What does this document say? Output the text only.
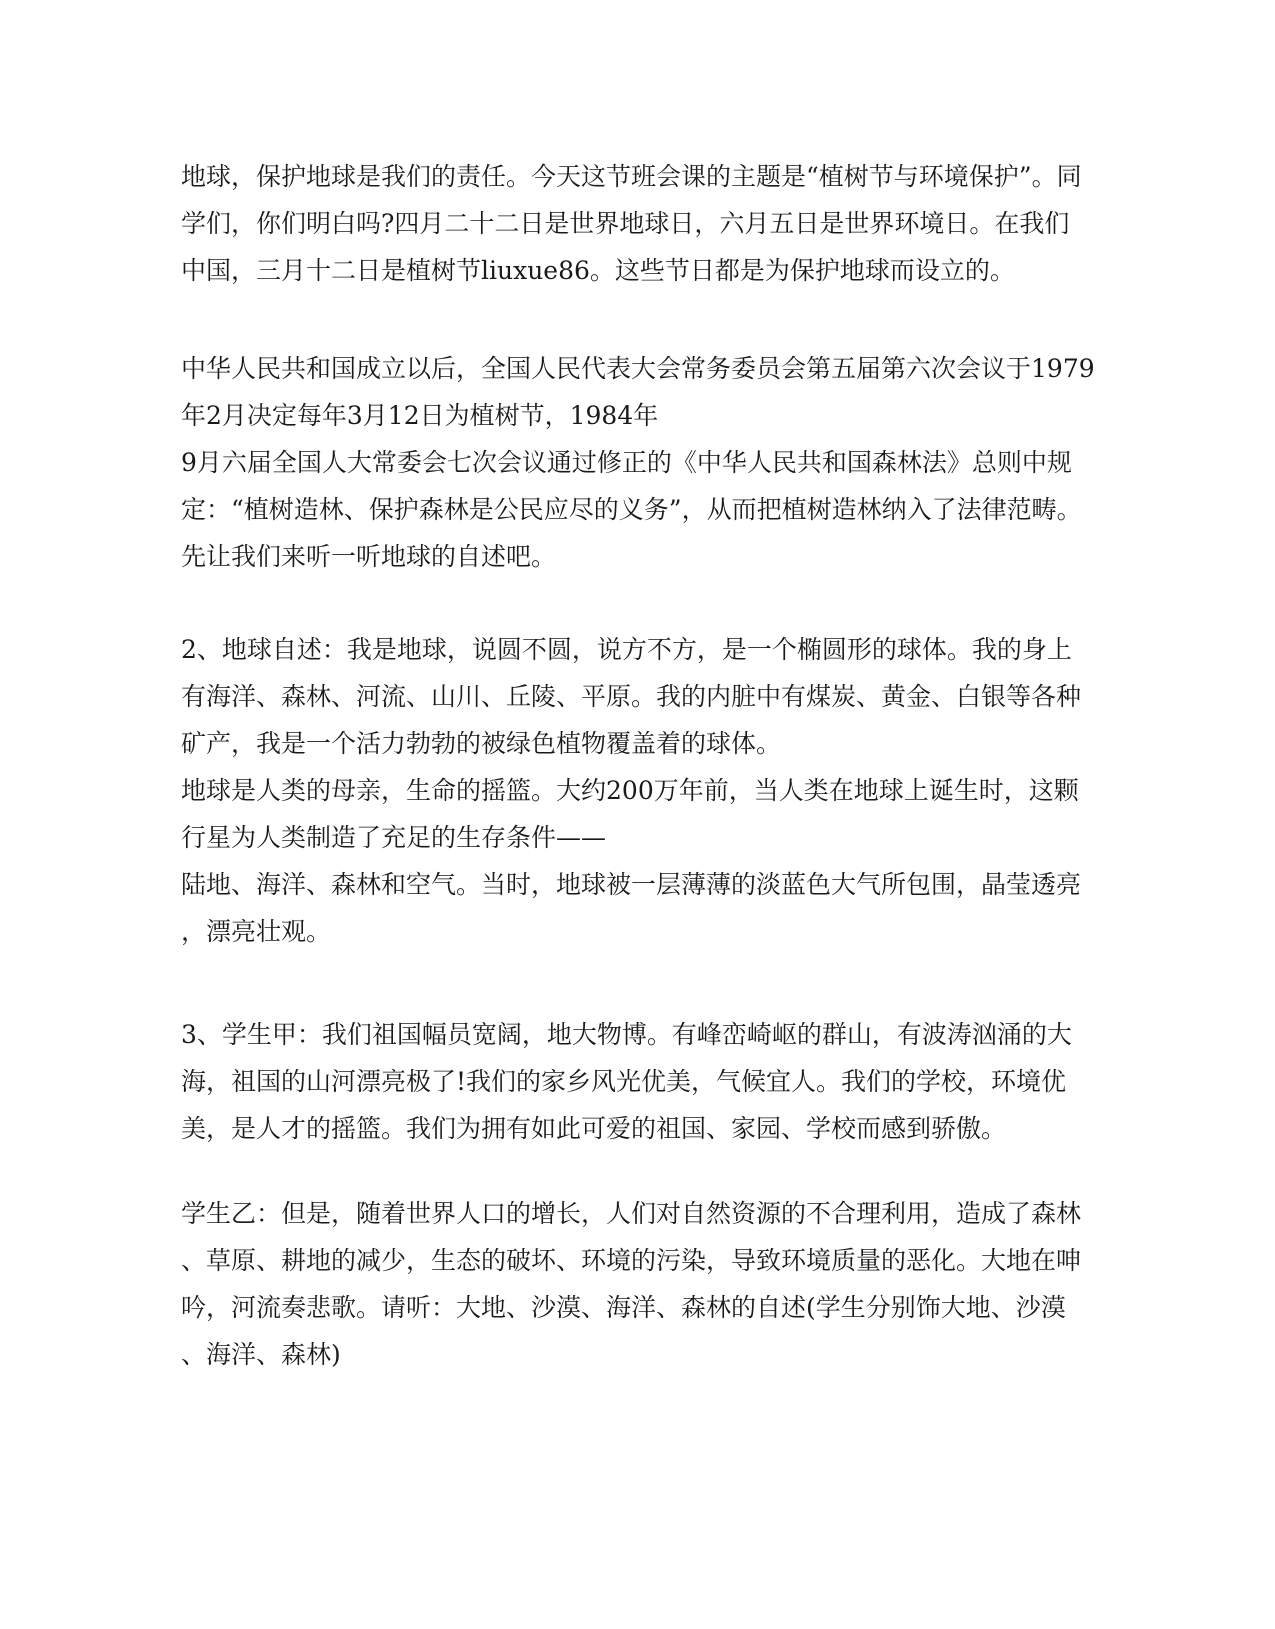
地球，保护地球是我们的责任。今天这节班会课的主题是“植树节与环境保护”。同
学们，你们明白吗?四月二十二日是世界地球日，六月五日是世界环境日。在我们
中国，三月十二日是植树节liuxue86。这些节日都是为保护地球而设立的。
中华人民共和国成立以后，全国人民代表大会常务委员会第五届第六次会议于1979
年2月决定每年3月12日为植树节，1984年
9月六届全国人大常委会七次会议通过修正的《中华人民共和国森林法》总则中规
定：“植树造林、保护森林是公民应尽的义务”，从而把植树造林纳入了法律范畴。
先让我们来听一听地球的自述吧。
2、地球自述：我是地球，说圆不圆，说方不方，是一个椭圆形的球体。我的身上
有海洋、森林、河流、山川、丘陵、平原。我的内脏中有煤炭、黄金、白银等各种
矿产，我是一个活力勃勃的被绿色植物覆盖着的球体。
地球是人类的母亲，生命的摇篮。大约200万年前，当人类在地球上诞生时，这颗
行星为人类制造了充足的生存条件——
陆地、海洋、森林和空气。当时，地球被一层薄薄的淡蓝色大气所包围，晶莹透亮
，漂亮壮观。
3、学生甲：我们祖国幅员宽阔，地大物博。有峰峦崎岖的群山，有波涛汹涌的大
海，祖国的山河漂亮极了!我们的家乡风光优美，气候宜人。我们的学校，环境优
美，是人才的摇篮。我们为拥有如此可爱的祖国、家园、学校而感到骄傲。
学生乙：但是，随着世界人口的增长，人们对自然资源的不合理利用，造成了森林
、草原、耕地的减少，生态的破坏、环境的污染，导致环境质量的恶化。大地在呻
吟，河流奏悲歌。请听：大地、沙漠、海洋、森林的自述(学生分别饰大地、沙漠
、海洋、森林)
